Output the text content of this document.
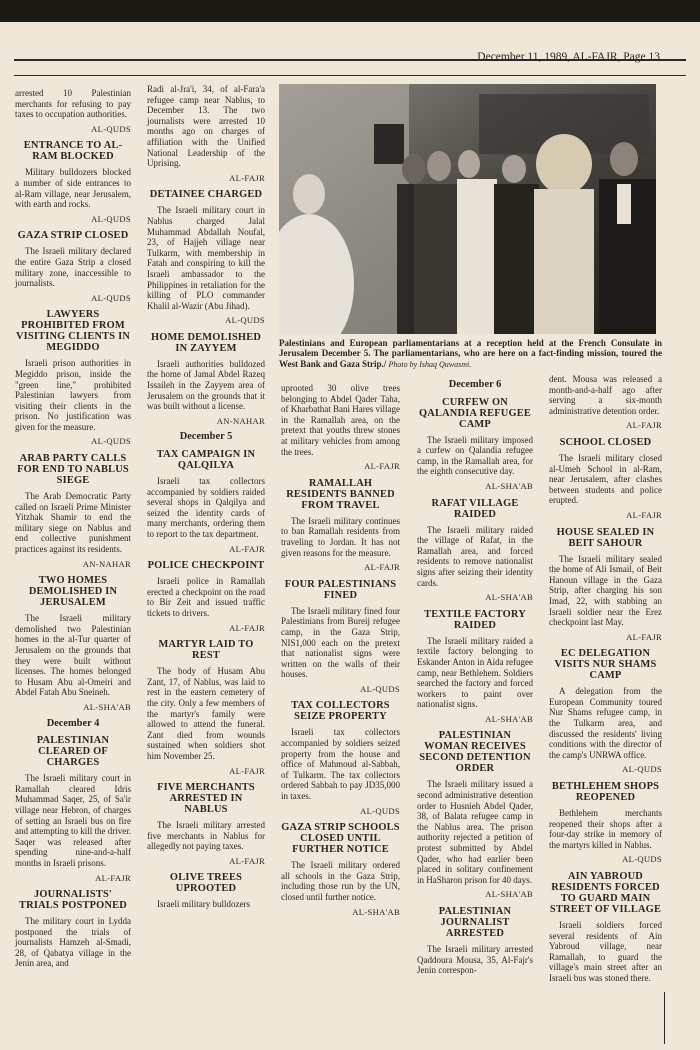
December 11, 1989, AL-FAJR, Page 13

arrested 10 Palestinian merchants for refusing to pay taxes to occupation authorities.

AL-QUDS
ENTRANCE TO AL-RAM BLOCKED

Military bulldozers blocked a number of side entrances to al-Ram village, near Jerusalem, with earth and rocks.

AL-QUDS
GAZA STRIP CLOSED

The Israeli military declared the entire Gaza Strip a closed military zone, inaccessible to journalists.

AL-QUDS
LAWYERS PROHIBITED FROM VISITING CLIENTS IN MEGIDDO

Israeli prison authorities in Megiddo prison, inside the "green line," prohibited Palestinian lawyers from visiting their clients in the prison. No justification was given for the measure.

AL-QUDS
ARAB PARTY CALLS FOR END TO NABLUS SIEGE

The Arab Democratic Party called on Israeli Prime Minister Yitzhak Shamir to end the military siege on Nablus and end collective punishment practices against its residents.

AN-NAHAR
TWO HOMES DEMOLISHED IN JERUSALEM

The Israeli military demolished two Palestinian homes in the al-Tur quarter of Jerusalem on the grounds that they were built without licenses. The homes belonged to Husam Abu al-Omeiri and Abdel Fatah Abu Sneineh.

AL-SHA'AB
December 4
PALESTINIAN CLEARED OF CHARGES

The Israeli military court in Ramallah cleared Idris Muhammad Saqer, 25, of Sa'ir village near Hebron, of charges of setting an Israeli bus on fire and attempting to kill the driver. Saqer was released after spending nine-and-a-half months in Israeli prisons.

AL-FAJR
JOURNALISTS' TRIALS POSTPONED

The military court in Lydda postponed the trials of journalists Hamzeh al-Smadi, 28, of Qabatya village in the Jenin area, and

Radi al-Jra'i, 34, of al-Fara'a refugee camp near Nablus, to December 13. The two journalists were arrested 10 months ago on charges of affiliation with the Unified National Leadership of the Uprising.

AL-FAJR
DETAINEE CHARGED

The Israeli military court in Nablus charged Jalal Muhammad Abdallah Noufal, 23, of Hajjeh village near Tulkarm, with membership in Fatah and conspiring to kill the Israeli ambassador to the Philippines in retaliation for the killing of PLO commander Khalil al-Wazir (Abu Jihad).

AL-QUDS
HOME DEMOLISHED IN ZAYYEM

Israeli authorities bulldozed the home of Jamal Abdel Razeq Issaileh in the Zayyem area of Jerusalem on the grounds that it was built without a license.

AN-NAHAR
December 5
TAX CAMPAIGN IN QALQILYA

Israeli tax collectors accompanied by soldiers raided several shops in Qalqilya and seized the identity cards of many merchants, ordering them to report to the tax department.

AL-FAJR
POLICE CHECKPOINT

Israeli police in Ramallah erected a checkpoint on the road to Bir Zeit and issued traffic tickets to drivers.

AL-FAJR
MARTYR LAID TO REST

The body of Husam Abu Zant, 17, of Nablus, was laid to rest in the eastern cemetery of the city. Only a few members of the martyr's family were allowed to attend the funeral. Zant died from wounds sustained when soldiers shot him November 25.

AL-FAJR
FIVE MERCHANTS ARRESTED IN NABLUS

The Israeli military arrested five merchants in Nablus for allegedly not paying taxes.

AL-FAJR
OLIVE TREES UPROOTED

Israeli military bulldozers

Palestinians and European parliamentarians at a reception held at the French Consulate in Jerusalem December 5. The parliamentarians, who are here on a fact-finding mission, toured the West Bank and Gaza Strip./ Photo by Ishaq Quwasmi.

uprooted 30 olive trees belonging to Abdel Qader Taha, of Kharbathat Bani Hares village in the Ramallah area, on the pretext that youths threw stones at military vehicles from among the trees.

AL-FAJR
RAMALLAH RESIDENTS BANNED FROM TRAVEL

The Israeli military continues to ban Ramallah residents from traveling to Jordan. It has not given reasons for the measure.

AL-FAJR
FOUR PALESTINIANS FINED

The Israeli military fined four Palestinians from Bureij refugee camp, in the Gaza Strip, NIS1,000 each on the pretext that nationalist signs were written on the walls of their houses.

AL-QUDS
TAX COLLECTORS SEIZE PROPERTY

Israeli tax collectors accompanied by soldiers seized property from the house and office of Mahmoud al-Sabbah, of Tulkarm. The tax collectors ordered Sabbah to pay JD35,000 in taxes.

AL-QUDS
GAZA STRIP SCHOOLS CLOSED UNTIL FURTHER NOTICE

The Israeli military ordered all schools in the Gaza Strip, including those run by the UN, closed until further notice.

AL-SHA'AB
December 6
CURFEW ON QALANDIA REFUGEE CAMP

The Israeli military imposed a curfew on Qalandia refugee camp, in the Ramallah area, for the eighth consecutive day.

AL-SHA'AB
RAFAT VILLAGE RAIDED

The Israeli military raided the village of Rafat, in the Ramallah area, and forced residents to remove nationalist signs after seizing their identity cards.

AL-SHA'AB
TEXTILE FACTORY RAIDED

The Israeli military raided a textile factory belonging to Eskander Anton in Aida refugee camp, near Bethlehem. Soldiers searched the factory and forced workers to paint over nationalist signs.

AL-SHA'AB
PALESTINIAN WOMAN RECEIVES SECOND DETENTION ORDER

The Israeli military issued a second administrative detention order to Husnieh Abdel Qader, 38, of Balata refugee camp in the Nablus area. The prison authority rejected a petition of protest submitted by Abdel Qader, who had earlier been placed in solitary confinement in HaSharon prison for 40 days.

AL-SHA'AB
PALESTINIAN JOURNALIST ARRESTED

The Israeli military arrested Qaddoura Mousa, 35, Al-Fajr's Jenin correspon-

dent. Mousa was released a month-and-a-half ago after serving a six-month administrative detention order.

AL-FAJR
SCHOOL CLOSED

The Israeli military closed al-Umeh School in al-Ram, near Jerusalem, after clashes between students and police erupted.

AL-FAJR
HOUSE SEALED IN BEIT SAHOUR

The Israeli military sealed the home of Ali Ismail, of Beit Hanoun village in the Gaza Strip, after charging his son Imad, 22, with stabbing an Israeli soldier near the Erez checkpoint last May.

AL-FAJR
EC DELEGATION VISITS NUR SHAMS CAMP

A delegation from the European Community toured Nur Shams refugee camp, in the Tulkarm area, and discussed the residents' living conditions with the director of the camp's UNRWA office.

AL-QUDS
BETHLEHEM SHOPS REOPENED

Bethlehem merchants reopened their shops after a four-day strike in memory of the martyrs killed in Nablus.

AL-QUDS
AIN YABROUD RESIDENTS FORCED TO GUARD MAIN STREET OF VILLAGE

Israeli soldiers forced several residents of Ain Yabroud village, near Ramallah, to guard the village's main street after an Israeli bus was stoned there.
